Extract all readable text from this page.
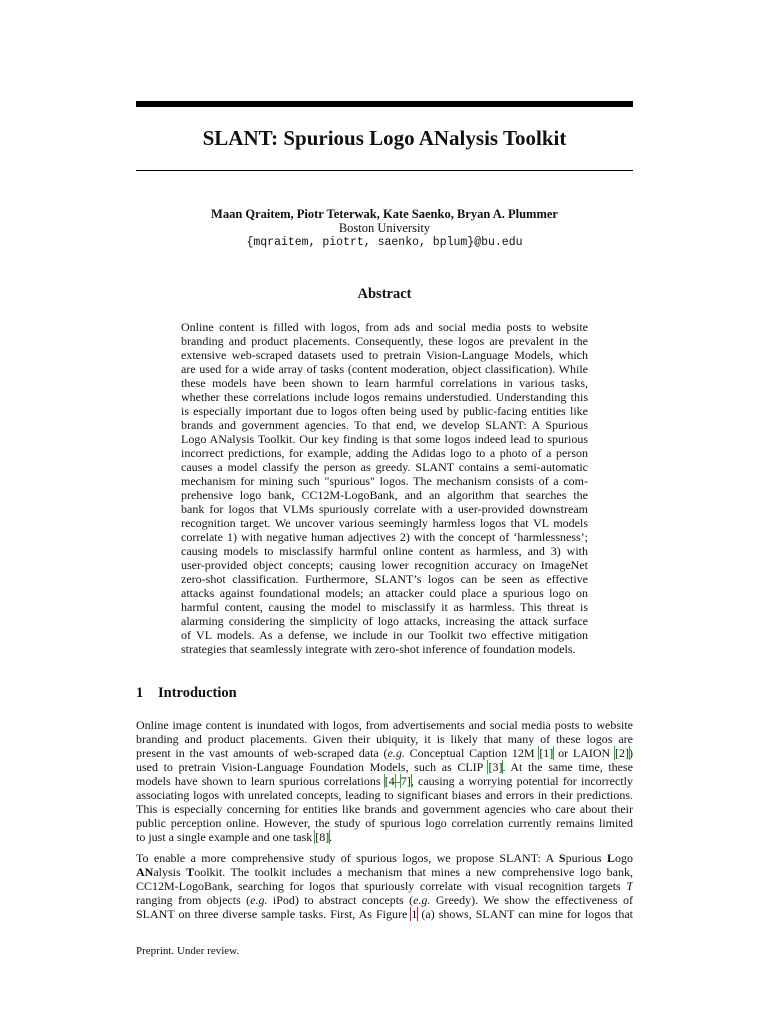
SLANT: Spurious Logo ANalysis Toolkit
Maan Qraitem, Piotr Teterwak, Kate Saenko, Bryan A. Plummer
Boston University
{mqraitem, piotrt, saenko, bplum}@bu.edu
Abstract
Online content is filled with logos, from ads and social media posts to website
branding and product placements. Consequently, these logos are prevalent in the
extensive web-scraped datasets used to pretrain Vision-Language Models, which
are used for a wide array of tasks (content moderation, object classification). While
these models have been shown to learn harmful correlations in various tasks,
whether these correlations include logos remains understudied. Understanding this
is especially important due to logos often being used by public-facing entities like
brands and government agencies. To that end, we develop SLANT: A Spurious
Logo ANalysis Toolkit. Our key finding is that some logos indeed lead to spurious
incorrect predictions, for example, adding the Adidas logo to a photo of a person
causes a model classify the person as greedy. SLANT contains a semi-automatic
mechanism for mining such "spurious" logos. The mechanism consists of a com-
prehensive logo bank, CC12M-LogoBank, and an algorithm that searches the
bank for logos that VLMs spuriously correlate with a user-provided downstream
recognition target. We uncover various seemingly harmless logos that VL models
correlate 1) with negative human adjectives 2) with the concept of ‘harmlessness’;
causing models to misclassify harmful online content as harmless, and 3) with
user-provided object concepts; causing lower recognition accuracy on ImageNet
zero-shot classification. Furthermore, SLANT’s logos can be seen as effective
attacks against foundational models; an attacker could place a spurious logo on
harmful content, causing the model to misclassify it as harmless. This threat is
alarming considering the simplicity of logo attacks, increasing the attack surface
of VL models. As a defense, we include in our Toolkit two effective mitigation
strategies that seamlessly integrate with zero-shot inference of foundation models.
1 Introduction
Online image content is inundated with logos, from advertisements and social media posts to website
branding and product placements. Given their ubiquity, it is likely that many of these logos are
present in the vast amounts of web-scraped data (e.g. Conceptual Caption 12M [1] or LAION [2])
used to pretrain Vision-Language Foundation Models, such as CLIP [3]. At the same time, these
models have shown to learn spurious correlations [4–7], causing a worrying potential for incorrectly
associating logos with unrelated concepts, leading to significant biases and errors in their predictions.
This is especially concerning for entities like brands and government agencies who care about their
public perception online. However, the study of spurious logo correlation currently remains limited
to just a single example and one task [8].
To enable a more comprehensive study of spurious logos, we propose SLANT: A Spurious Logo
ANalysis Toolkit. The toolkit includes a mechanism that mines a new comprehensive logo bank,
CC12M-LogoBank, searching for logos that spuriously correlate with visual recognition targets T
ranging from objects (e.g. iPod) to abstract concepts (e.g. Greedy). We show the effectiveness of
SLANT on three diverse sample tasks. First, As Figure 1 (a) shows, SLANT can mine for logos that
Preprint. Under review.
